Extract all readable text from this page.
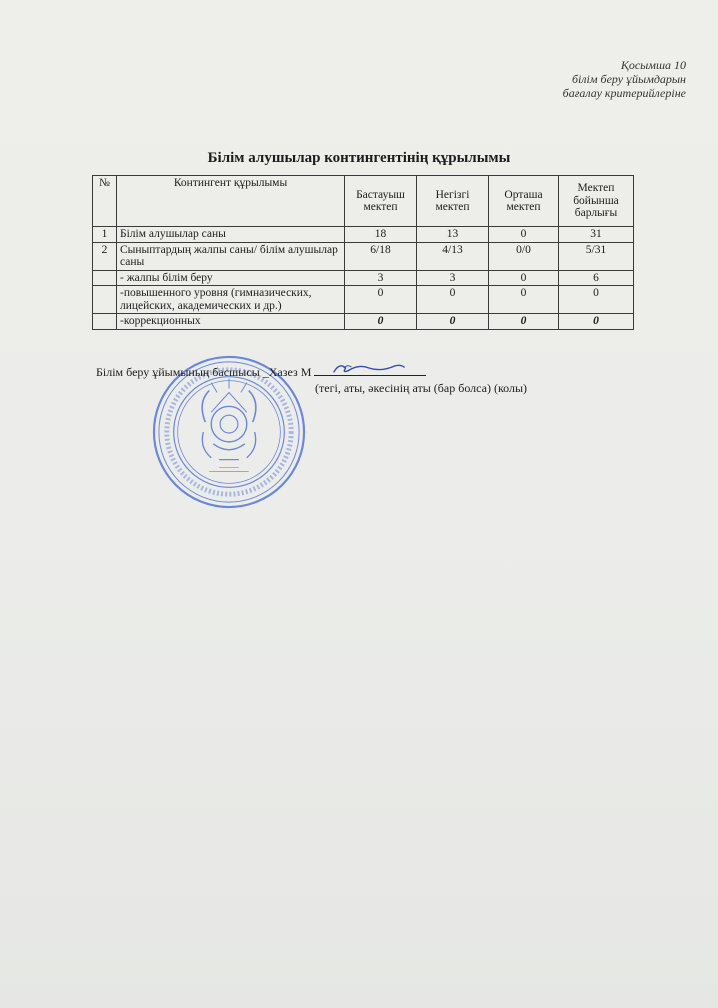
Қосымша 10
білім беру ұйымдарын
бағалау критерийлеріне
Білім алушылар контингентінің құрылымы
№	Контингент құрылымы	Бастауыш мектеп	Негізгі мектеп	Орташа мектеп	Мектеп бойынша барлығы
1	Білім алушылар саны	18	13	0	31
2	Сыныптардың жалпы саны/ білім алушылар саны	6/18	4/13	0/0	5/31
	- жалпы білім беру	3	3	0	6
	-повышенного уровня (гимназических, лицейских, академических и др.)	0	0	0	0
	-коррекционных	0	0	0	0
Білім беру ұйымының басшысы _Хазез М
(тегі, аты, әкесінің аты (бар болса) (колы)
